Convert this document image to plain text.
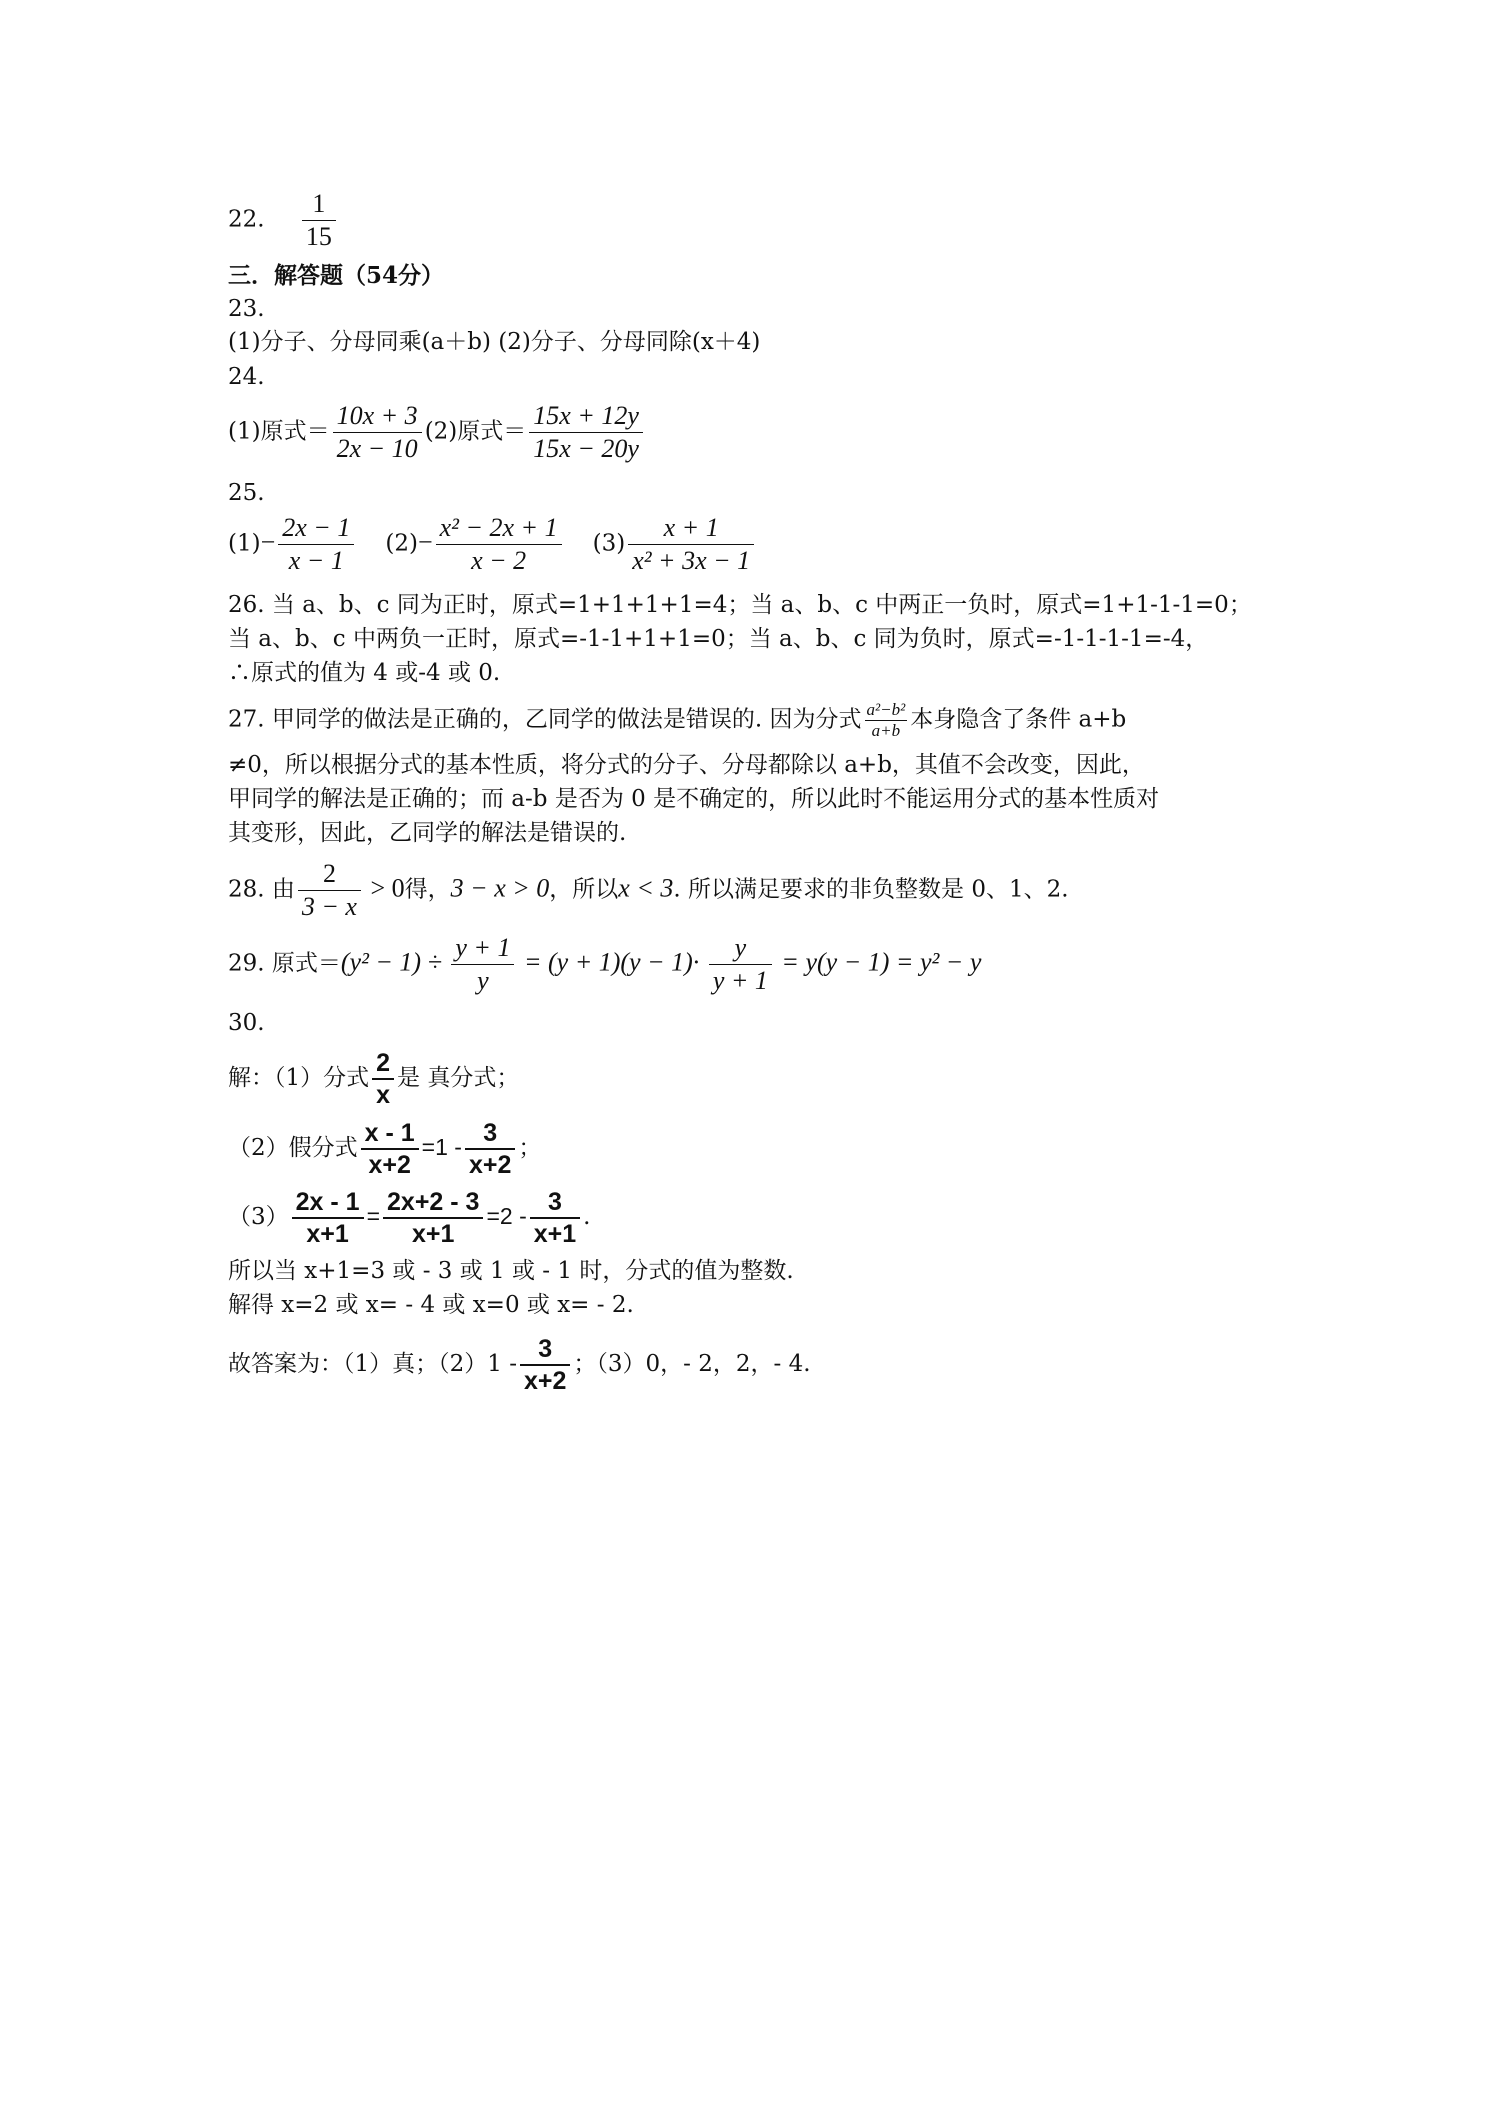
22. $\frac{1}{15}$
三．解答题（54分）
23.
(1)分子、分母同乘(a＋b) (2)分子、分母同除(x＋4)
24.
(1)原式＝ $\frac{10x + 3}{2x - 10} (2)$原式＝ $\frac{15x + 12y}{15x - 20y}$
25.
$(1)- \frac{2x - 1}{x - 1} (2)- \frac{\text{x² − 2x + 1}}{x - 2} (3) \frac{x + 1}{\text{x² + 3x − 1}}$
26. 当 a、b、c 同为正时，原式=1+1+1+1=4；当 a、b、c 中两正一负时，原式=1+1-1-1=0；
当 a、b、c 中两负一正时，原式=-1-1+1+1=0；当 a、b、c 同为负时，原式=-1-1-1-1=-4，
∴原式的值为 4 或-4 或 0.
27. 甲同学的做法是正确的，乙同学的做法是错误的. 因为分式 $\frac{\text{a²−b²}}{a+b}$ 本身隐含了条件 a+b
≠0，所以根据分式的基本性质，将分式的分子、分母都除以 a+b，其值不会改变，因此，
甲同学的解法是正确的；而 a-b 是否为 0 是不确定的，所以此时不能运用分式的基本性质对
其变形，因此，乙同学的解法是错误的.
28. 由 $\frac{2}{3 - x} > 0$得，3 − x > 0，所以x < 3. 所以满足要求的非负整数是 0、1、2.
29. 原式$=(y^2 - 1) \div \frac{y + 1}{y} = (y + 1)(y - 1)\cdot \frac{y}{y + 1} = y(y - 1) = y^2 - y$
30.
解：（1）分式 $\frac{2}{x}$ 是 真分式；
（2）假分式 $\frac{x - 1}{x+2} =1 - \frac{3}{x+2}$ ；
$(3) \frac{2x - 1}{x+1} = \frac{2x+2 - 3}{x+1} =2 - \frac{3}{x+1}$ .
所以当 x+1=3 或 - 3 或 1 或 - 1 时，分式的值为整数.
解得 x=2 或 x= - 4 或 x=0 或 x= - 2.
故答案为：（1）真；$(2)1 - \frac{3}{x+2}$ ；（3）0，- 2，2，- 4.
